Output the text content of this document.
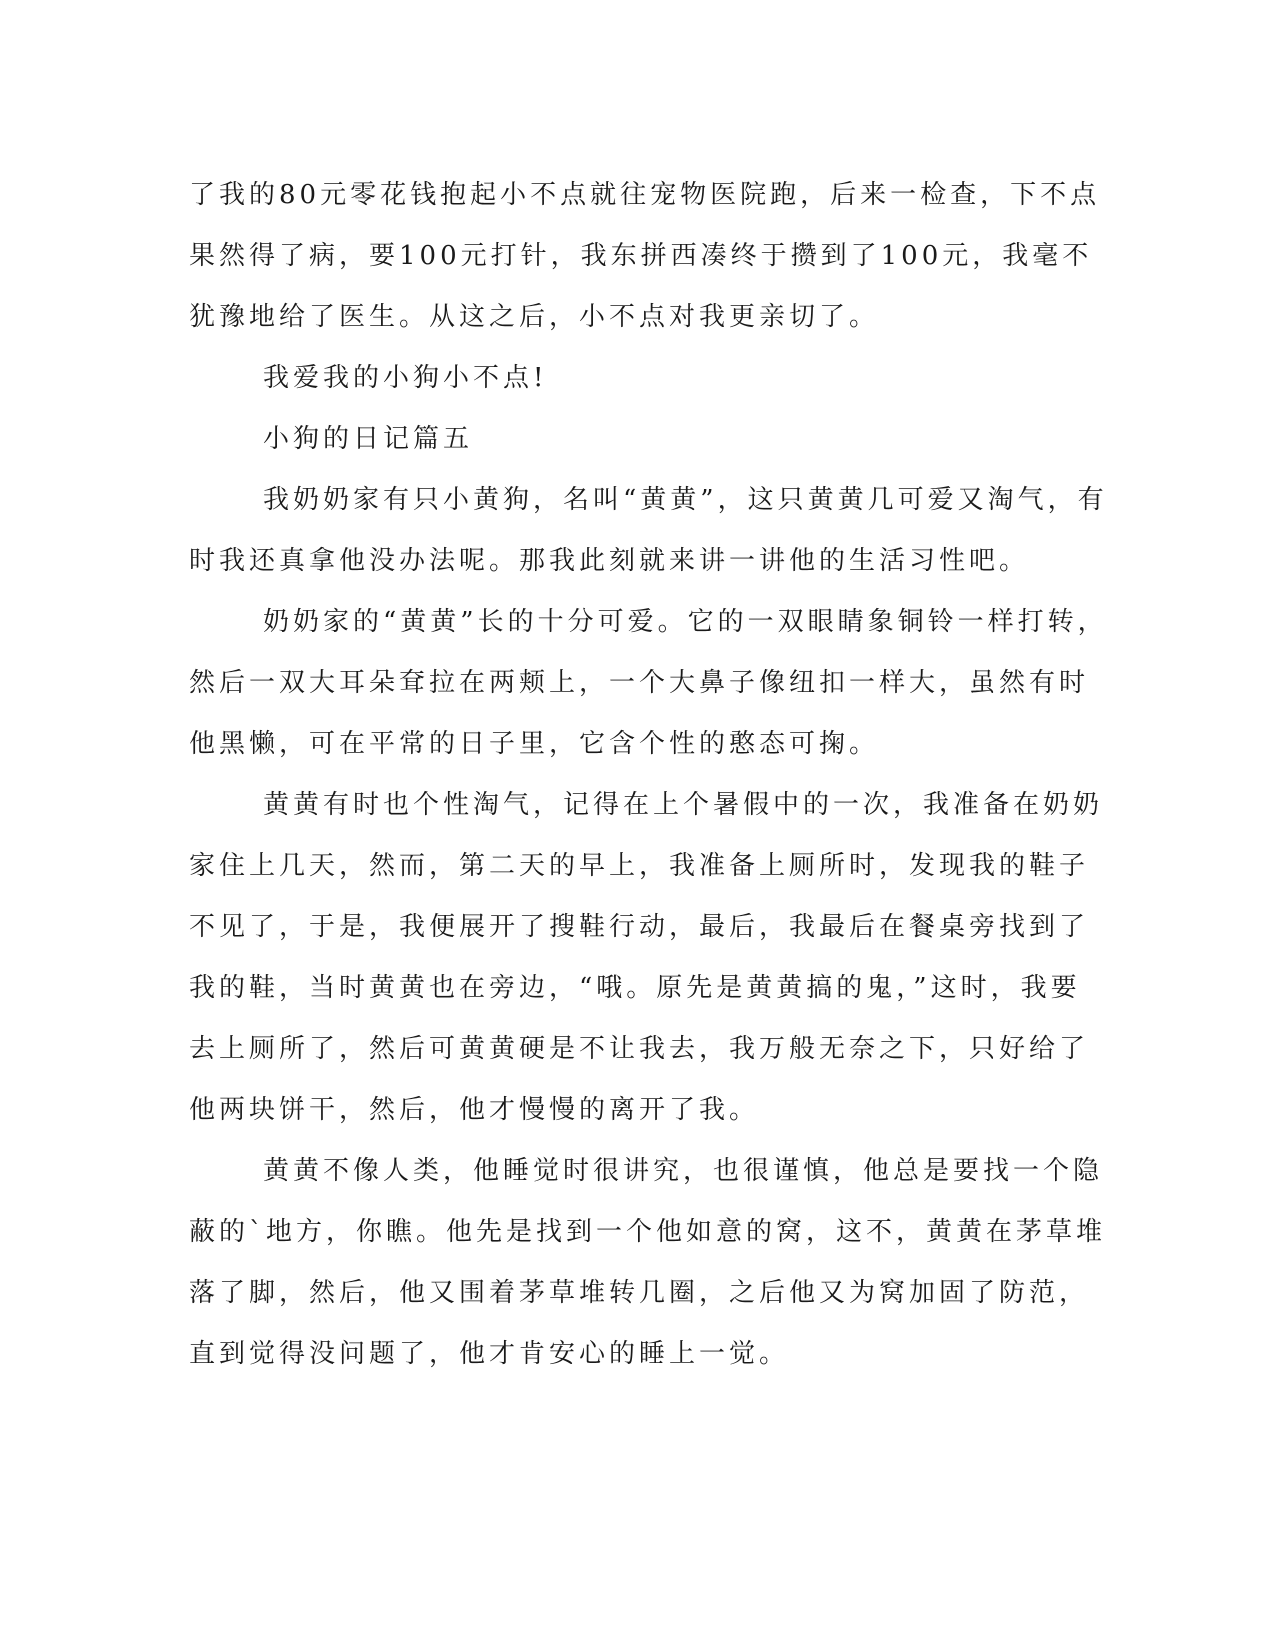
了我的80元零花钱抱起小不点就往宠物医院跑，后来一检查，下不点
果然得了病，要100元打针，我东拼西凑终于攒到了100元，我毫不
犹豫地给了医生。从这之后，小不点对我更亲切了。
我爱我的小狗小不点!
小狗的日记篇五
我奶奶家有只小黄狗，名叫“黄黄”，这只黄黄几可爱又淘气，有
时我还真拿他没办法呢。那我此刻就来讲一讲他的生活习性吧。
奶奶家的“黄黄”长的十分可爱。它的一双眼睛象铜铃一样打转，
然后一双大耳朵耷拉在两颊上，一个大鼻子像纽扣一样大，虽然有时
他黑懒，可在平常的日子里，它含个性的憨态可掬。
黄黄有时也个性淘气，记得在上个暑假中的一次，我准备在奶奶
家住上几天，然而，第二天的早上，我准备上厕所时，发现我的鞋子
不见了，于是，我便展开了搜鞋行动，最后，我最后在餐桌旁找到了
我的鞋，当时黄黄也在旁边，“哦。原先是黄黄搞的鬼，”这时，我要
去上厕所了，然后可黄黄硬是不让我去，我万般无奈之下，只好给了
他两块饼干，然后，他才慢慢的离开了我。
黄黄不像人类，他睡觉时很讲究，也很谨慎，他总是要找一个隐
蔽的`地方，你瞧。他先是找到一个他如意的窝，这不，黄黄在茅草堆
落了脚，然后，他又围着茅草堆转几圈，之后他又为窝加固了防范，
直到觉得没问题了，他才肯安心的睡上一觉。
